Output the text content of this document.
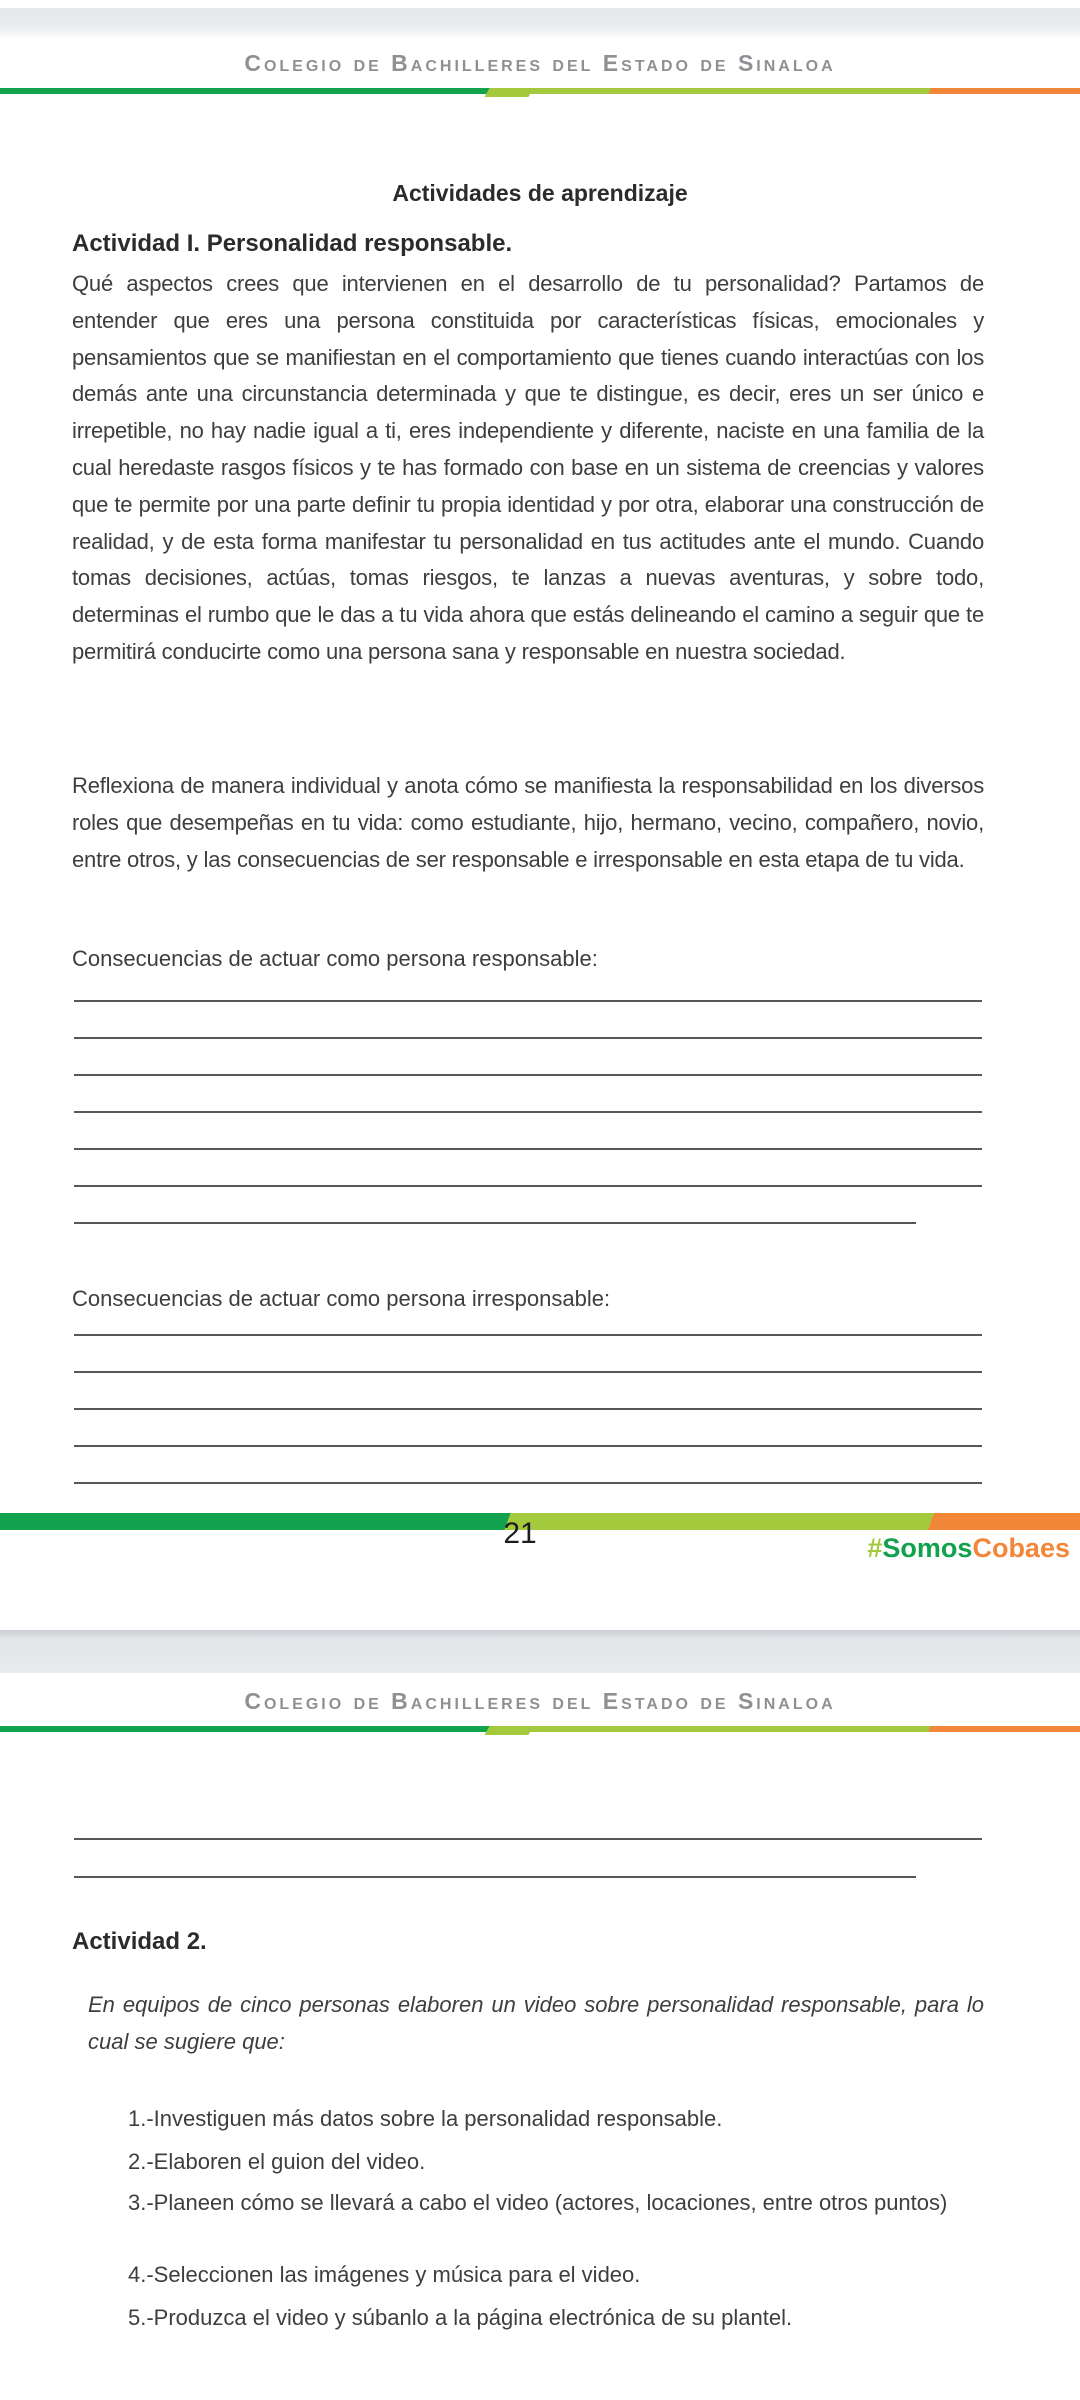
Colegio de Bachilleres del Estado de Sinaloa
Actividades de aprendizaje
Actividad I. Personalidad responsable.
Qué aspectos crees que intervienen en el desarrollo de tu personalidad? Partamos de entender que eres una persona constituida por características físicas, emocionales y pensamientos que se manifiestan en el comportamiento que tienes cuando interactúas con los demás ante una circunstancia determinada y que te distingue, es decir, eres un ser único e irrepetible, no hay nadie igual a ti, eres independiente y diferente, naciste en una familia de la cual heredaste rasgos físicos y te has formado con base en un sistema de creencias y valores que te permite por una parte definir tu propia identidad y por otra, elaborar una construcción de realidad, y de esta forma manifestar tu personalidad en tus actitudes ante el mundo. Cuando tomas decisiones, actúas, tomas riesgos, te lanzas a nuevas aventuras, y sobre todo, determinas el rumbo que le das a tu vida ahora que estás delineando el camino a seguir que te permitirá conducirte como una persona sana y responsable en nuestra sociedad.
Reflexiona de manera individual y anota cómo se manifiesta la responsabilidad en los diversos roles que desempeñas en tu vida: como estudiante, hijo, hermano, vecino, compañero, novio, entre otros, y las consecuencias de ser responsable e irresponsable en esta etapa de tu vida.
Consecuencias de actuar como persona responsable:
Consecuencias de actuar como persona irresponsable:
21	#SomosCobaes
Colegio de Bachilleres del Estado de Sinaloa
Actividad 2.
En equipos de cinco personas elaboren un video sobre personalidad responsable, para lo cual se sugiere que:
1.-Investiguen más datos sobre la personalidad responsable.
2.-Elaboren el guion del video.
3.-Planeen cómo se llevará a cabo el video (actores, locaciones, entre otros puntos)
4.-Seleccionen las imágenes y música para el video.
5.-Produzca el video y súbanlo a la página electrónica de su plantel.
